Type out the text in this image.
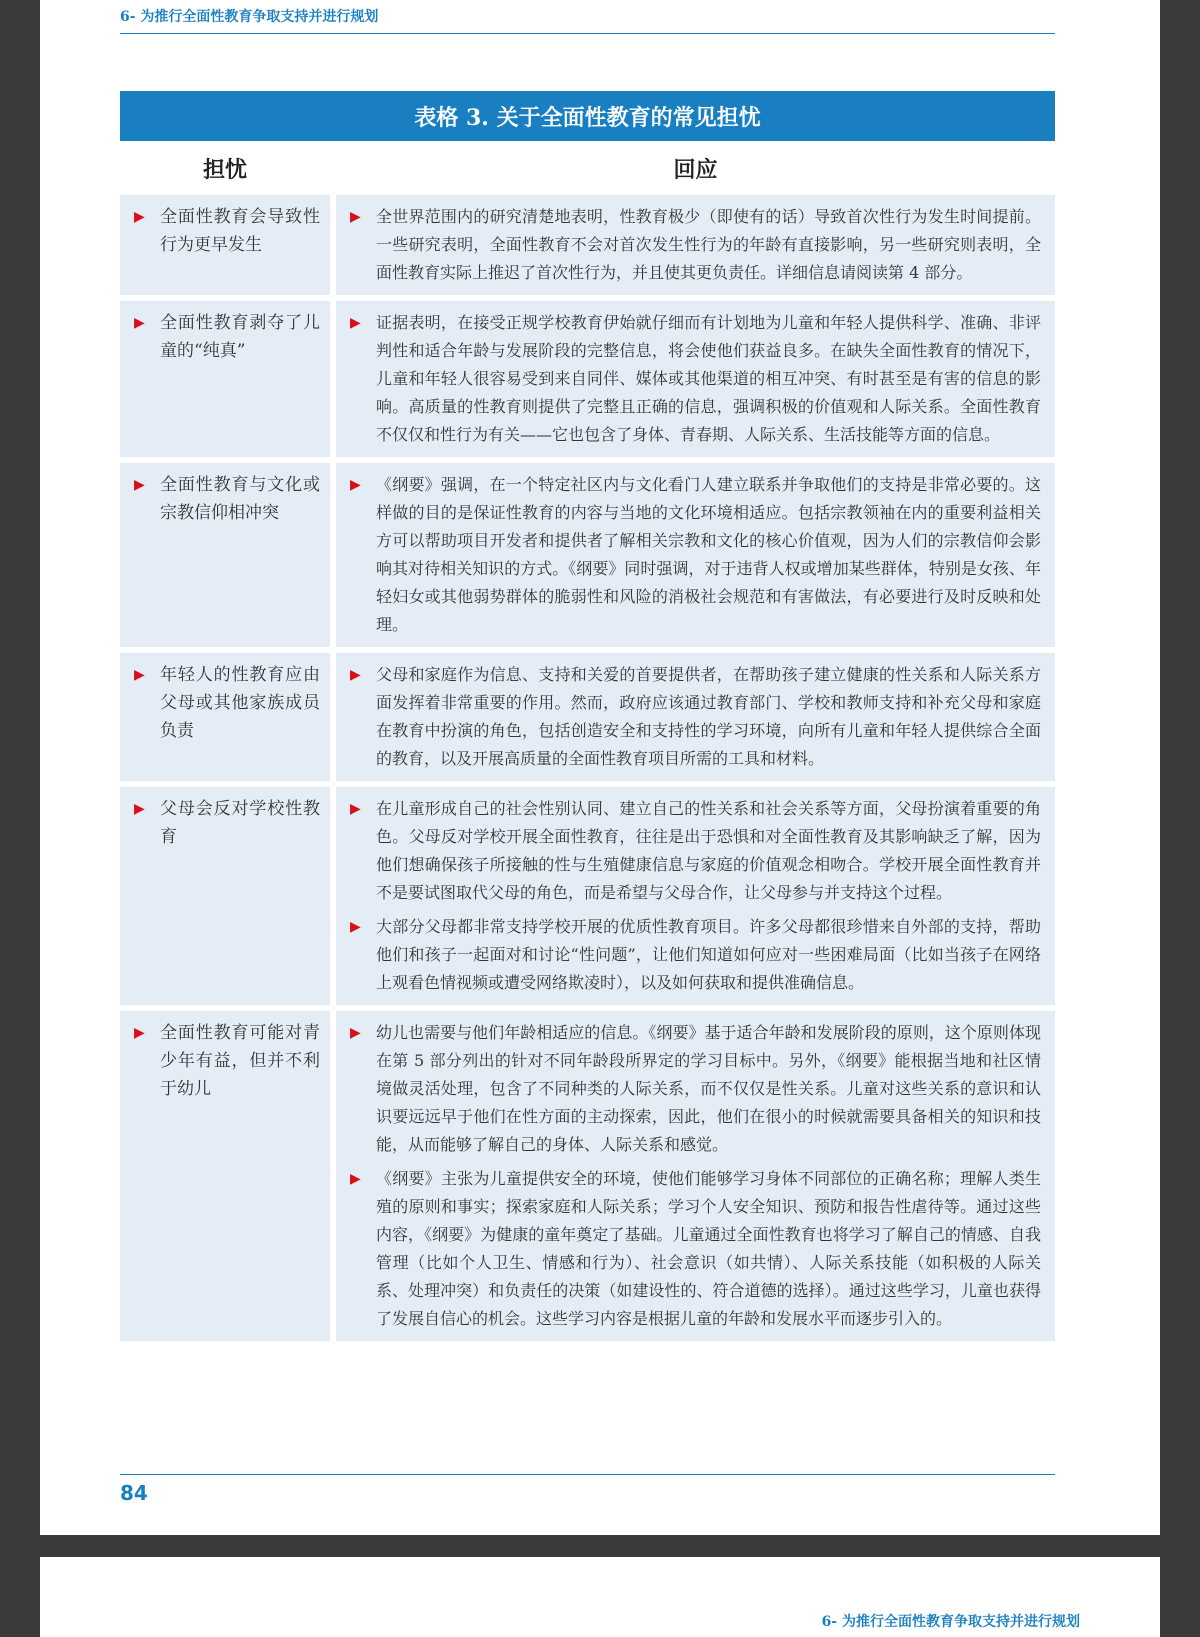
6- 为推行全面性教育争取支持并进行规划
表格 3. 关于全面性教育的常见担忧
担忧	回应
▶ 全面性教育会导致性行为更早发生
▶ 全世界范围内的研究清楚地表明，性教育极少（即使有的话）导致首次性行为发生时间提前。一些研究表明，全面性教育不会对首次发生性行为的年龄有直接影响，另一些研究则表明，全面性教育实际上推迟了首次性行为，并且使其更负责任。详细信息请阅读第 4 部分。
▶ 全面性教育剥夺了儿童的“纯真”
▶ 证据表明，在接受正规学校教育伊始就仔细而有计划地为儿童和年轻人提供科学、准确、非评判性和适合年龄与发展阶段的完整信息，将会使他们获益良多。在缺失全面性教育的情况下，儿童和年轻人很容易受到来自同伴、媒体或其他渠道的相互冲突、有时甚至是有害的信息的影响。高质量的性教育则提供了完整且正确的信息，强调积极的价值观和人际关系。全面性教育不仅仅和性行为有关——它也包含了身体、青春期、人际关系、生活技能等方面的信息。
▶ 全面性教育与文化或宗教信仰相冲突
▶ 《纲要》强调，在一个特定社区内与文化看门人建立联系并争取他们的支持是非常必要的。这样做的目的是保证性教育的内容与当地的文化环境相适应。包括宗教领袖在内的重要利益相关方可以帮助项目开发者和提供者了解相关宗教和文化的核心价值观，因为人们的宗教信仰会影响其对待相关知识的方式。《纲要》同时强调，对于违背人权或增加某些群体，特别是女孩、年轻妇女或其他弱势群体的脆弱性和风险的消极社会规范和有害做法，有必要进行及时反映和处理。
▶ 年轻人的性教育应由父母或其他家族成员负责
▶ 父母和家庭作为信息、支持和关爱的首要提供者，在帮助孩子建立健康的性关系和人际关系方面发挥着非常重要的作用。然而，政府应该通过教育部门、学校和教师支持和补充父母和家庭在教育中扮演的角色，包括创造安全和支持性的学习环境，向所有儿童和年轻人提供综合全面的教育，以及开展高质量的全面性教育项目所需的工具和材料。
▶ 父母会反对学校性教育
▶ 在儿童形成自己的社会性别认同、建立自己的性关系和社会关系等方面，父母扮演着重要的角色。父母反对学校开展全面性教育，往往是出于恐惧和对全面性教育及其影响缺乏了解，因为他们想确保孩子所接触的性与生殖健康信息与家庭的价值观念相吻合。学校开展全面性教育并不是要试图取代父母的角色，而是希望与父母合作，让父母参与并支持这个过程。
▶ 大部分父母都非常支持学校开展的优质性教育项目。许多父母都很珍惜来自外部的支持，帮助他们和孩子一起面对和讨论“性问题”，让他们知道如何应对一些困难局面（比如当孩子在网络上观看色情视频或遭受网络欺凌时），以及如何获取和提供准确信息。
▶ 全面性教育可能对青少年有益，但并不利于幼儿
▶ 幼儿也需要与他们年龄相适应的信息。《纲要》基于适合年龄和发展阶段的原则，这个原则体现在第 5 部分列出的针对不同年龄段所界定的学习目标中。另外，《纲要》能根据当地和社区情境做灵活处理，包含了不同种类的人际关系，而不仅仅是性关系。儿童对这些关系的意识和认识要远远早于他们在性方面的主动探索，因此，他们在很小的时候就需要具备相关的知识和技能，从而能够了解自己的身体、人际关系和感觉。
▶ 《纲要》主张为儿童提供安全的环境，使他们能够学习身体不同部位的正确名称；理解人类生殖的原则和事实；探索家庭和人际关系；学习个人安全知识、预防和报告性虐待等。通过这些内容，《纲要》为健康的童年奠定了基础。儿童通过全面性教育也将学习了解自己的情感、自我管理（比如个人卫生、情感和行为）、社会意识（如共情）、人际关系技能（如积极的人际关系、处理冲突）和负责任的决策（如建设性的、符合道德的选择）。通过这些学习，儿童也获得了发展自信心的机会。这些学习内容是根据儿童的年龄和发展水平而逐步引入的。
84
6- 为推行全面性教育争取支持并进行规划
